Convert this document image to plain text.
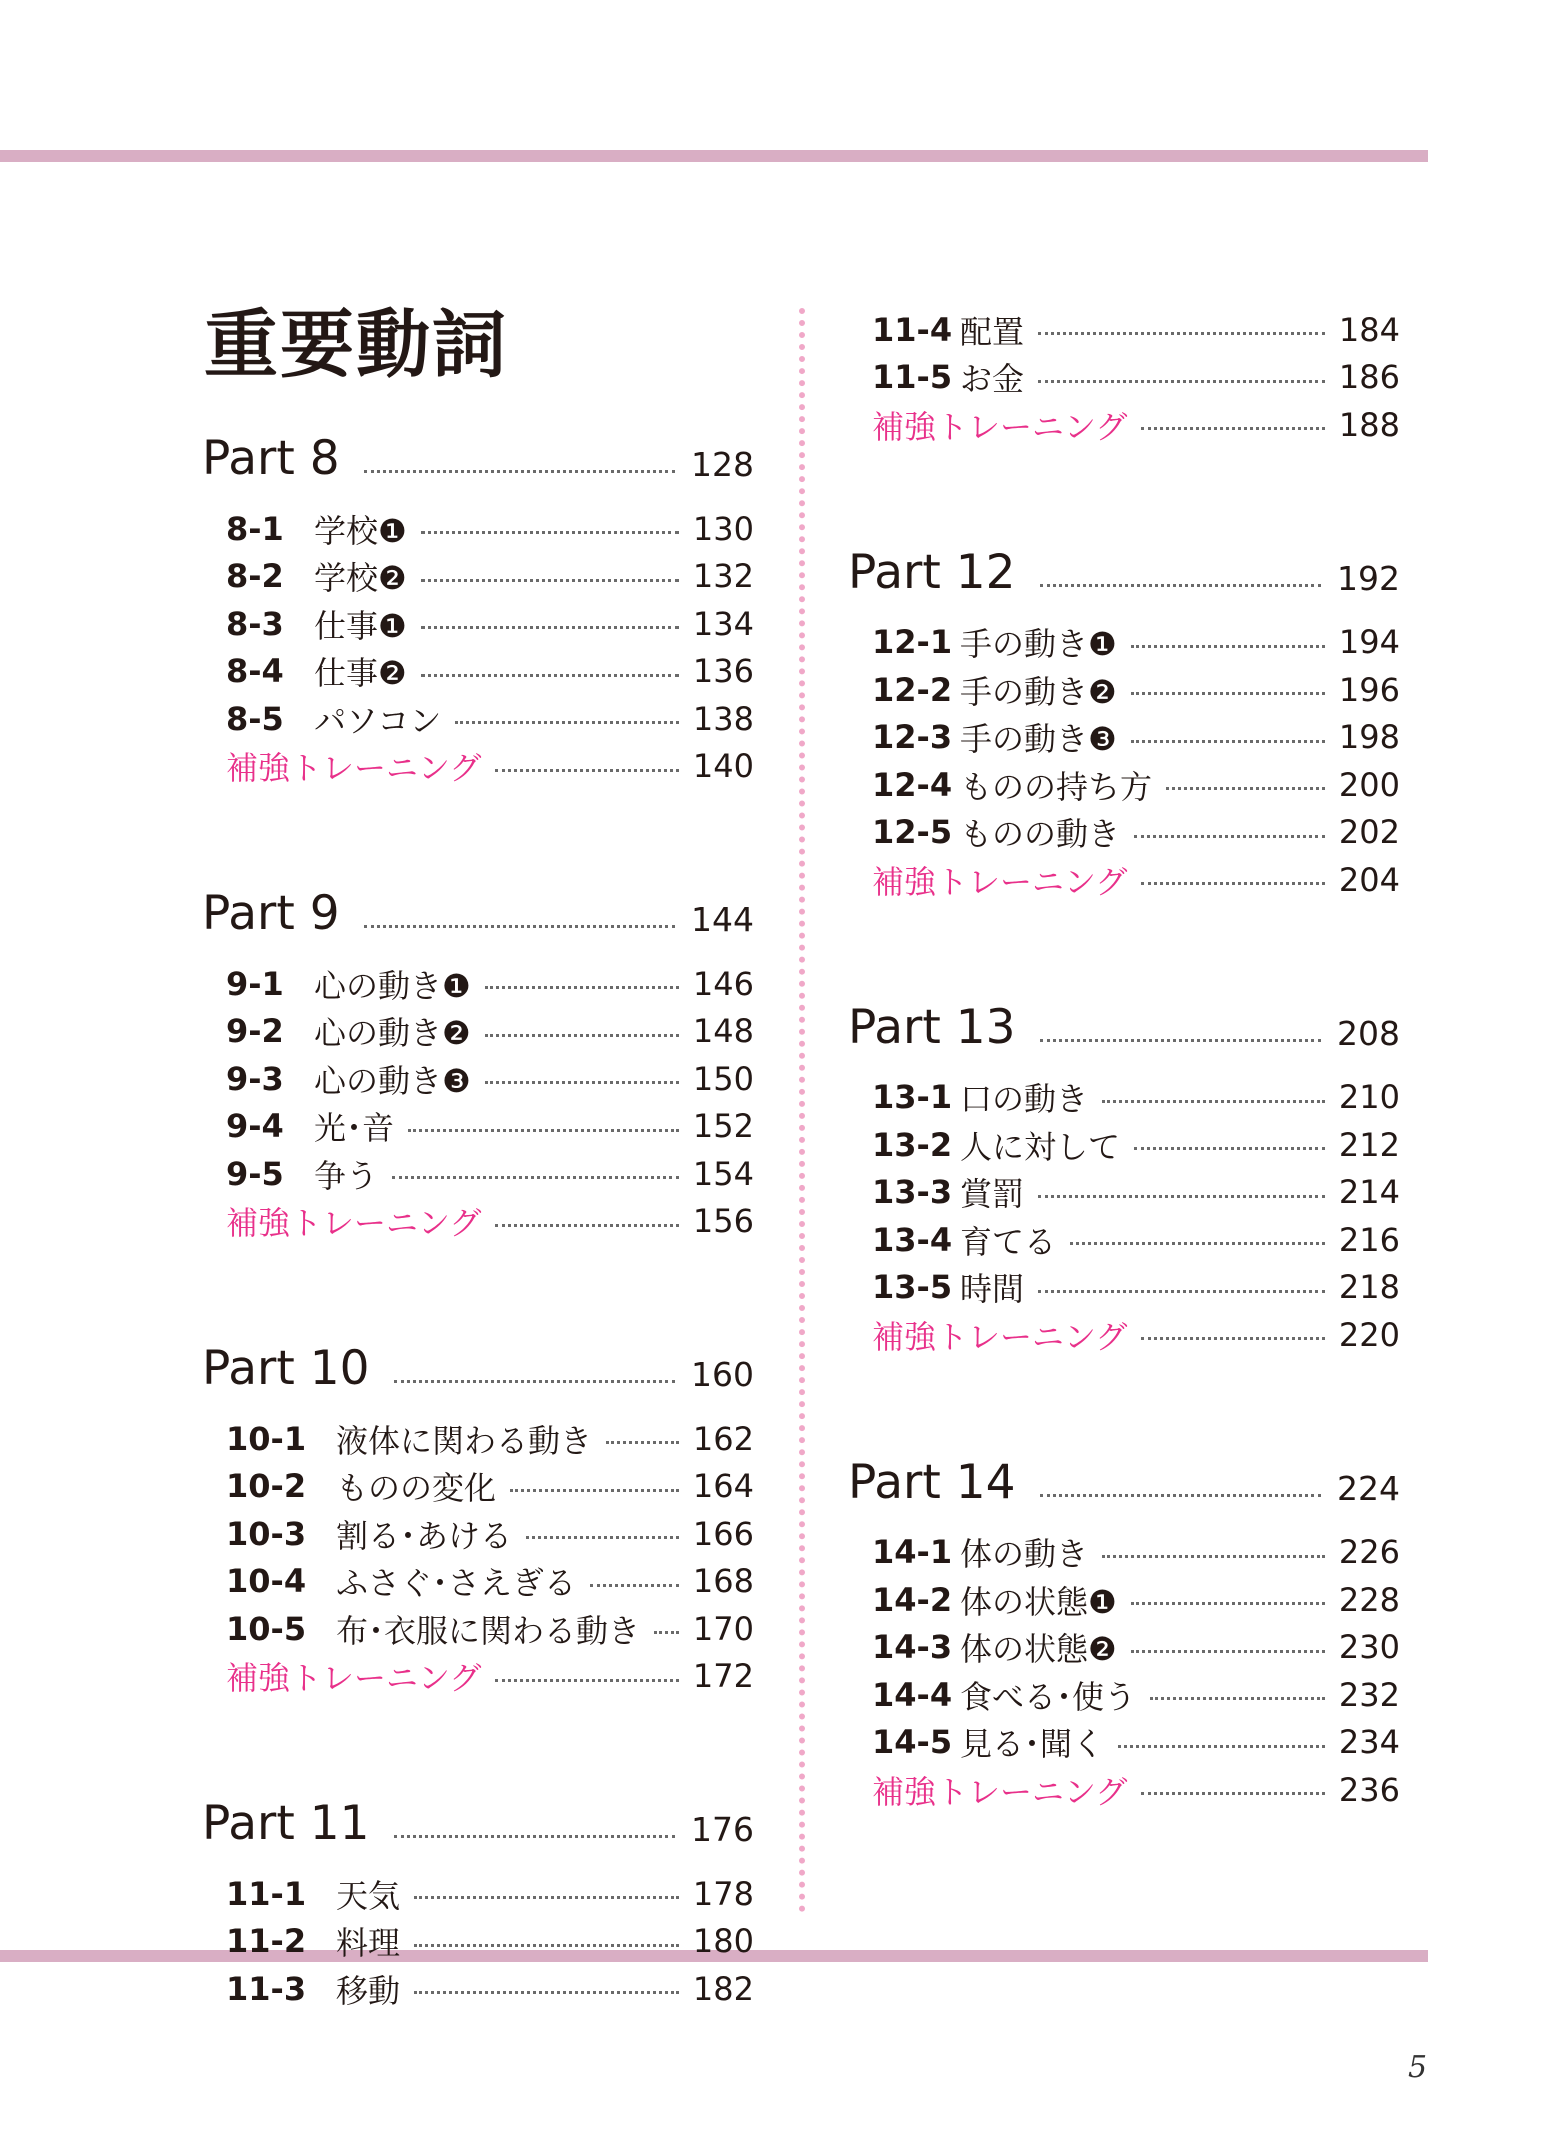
重要動詞
Part 8	128
8-1 学校❶	130
8-2 学校❷	132
8-3 仕事❶	134
8-4 仕事❷	136
8-5 パソコン	138
補強トレーニング	140
Part 9	144
9-1 心の動き❶	146
9-2 心の動き❷	148
9-3 心の動き❸	150
9-4 光･音	152
9-5 争う	154
補強トレーニング	156
Part 10	160
10-1 液体に関わる動き	162
10-2 ものの変化	164
10-3 割る･あける	166
10-4 ふさぐ･さえぎる	168
10-5 布･衣服に関わる動き 170
補強トレーニング	172
Part 11	176
11-1 天気	178
11-2 料理	180
11-3 移動	182
11-4 配置	184
11-5 お金	186
補強トレーニング	188
Part 12	192
12-1 手の動き❶	194
12-2 手の動き❷	196
12-3 手の動き❸	198
12-4 ものの持ち方	200
12-5 ものの動き	202
補強トレーニング	204
Part 13	208
13-1 口の動き	210
13-2 人に対して	212
13-3 賞罰	214
13-4 育てる	216
13-5 時間	218
補強トレーニング	220
Part 14	224
14-1 体の動き	226
14-2 体の状態❶	228
14-3 体の状態❷	230
14-4 食べる･使う	232
14-5 見る･聞く	234
補強トレーニング	236
5
